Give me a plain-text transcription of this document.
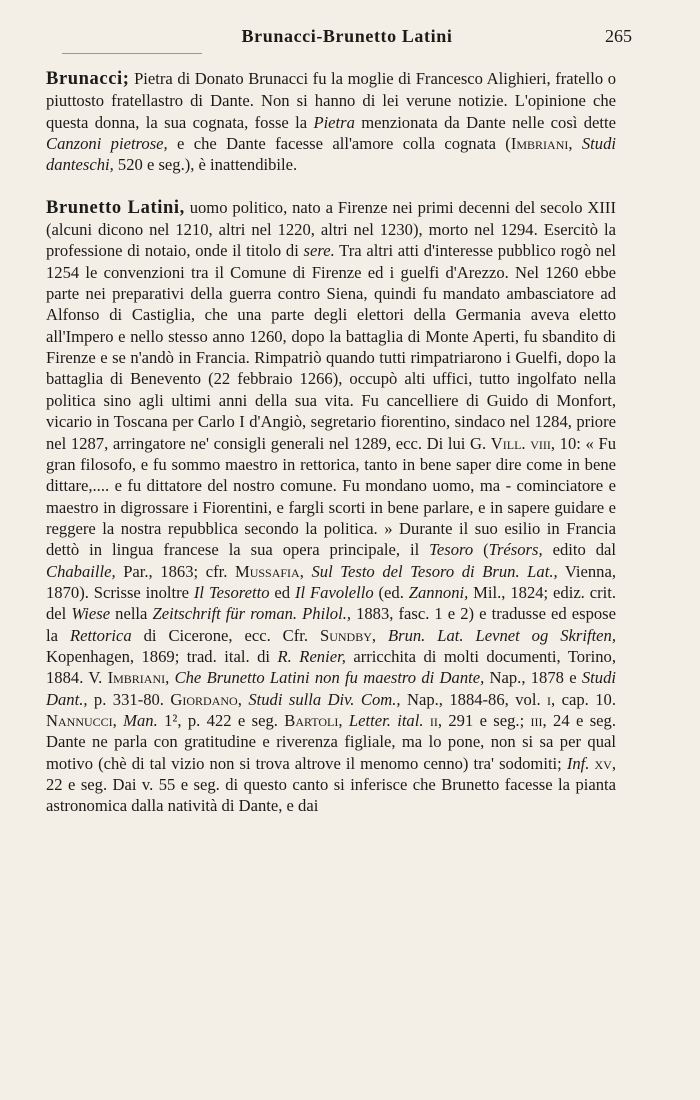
Brunacci-Brunetto Latini	265

Brunacci; Pietra di Donato Brunacci fu la moglie di Francesco Alighieri, fratello o piuttosto fratellastro di Dante. Non si hanno di lei verune notizie. L'opinione che questa donna, la sua cognata, fosse la Pietra menzionata da Dante nelle così dette Canzoni pietrose, e che Dante facesse all'amore colla cognata (Imbriani, Studi danteschi, 520 e seg.), è inattendibile.

Brunetto Latini, uomo politico, nato a Firenze nei primi decenni del secolo XIII (alcuni dicono nel 1210, altri nel 1220, altri nel 1230), morto nel 1294. Esercitò la professione di notaio, onde il titolo di sere. Tra altri atti d'interesse pubblico rogò nel 1254 le convenzioni tra il Comune di Firenze ed i guelfi d'Arezzo. Nel 1260 ebbe parte nei preparativi della guerra contro Siena, quindi fu mandato ambasciatore ad Alfonso di Castiglia, che una parte degli elettori della Germania aveva eletto all'Impero e nello stesso anno 1260, dopo la battaglia di Monte Aperti, fu sbandito di Firenze e se n'andò in Francia. Rimpatriò quando tutti rimpatriarono i Guelfi, dopo la battaglia di Benevento (22 febbraio 1266), occupò alti uffici, tutto ingolfato nella politica sino agli ultimi anni della sua vita. Fu cancelliere di Guido di Monfort, vicario in Toscana per Carlo I d'Angiò, segretario fiorentino, sindaco nel 1284, priore nel 1287, arringatore ne' consigli generali nel 1289, ecc. Di lui G. Vill. viii, 10: « Fu gran filosofo, e fu sommo maestro in rettorica, tanto in bene saper dire come in bene dittare,.... e fu dittatore del nostro comune. Fu mondano uomo, ma - cominciatore e maestro in digrossare i Fiorentini, e fargli scorti in bene parlare, e in sapere guidare e reggere la nostra repubblica secondo la politica. » Durante il suo esilio in Francia dettò in lingua francese la sua opera principale, il Tesoro (Trésors, edito dal Chabaille, Par., 1863; cfr. Mussafia, Sul Testo del Tesoro di Brun. Lat., Vienna, 1870). Scrisse inoltre Il Tesoretto ed Il Favolello (ed. Zannoni, Mil., 1824; ediz. crit. del Wiese nella Zeitschrift für roman. Philol., 1883, fasc. 1 e 2) e tradusse ed espose la Rettorica di Cicerone, ecc. Cfr. Sundby, Brun. Lat. Levnet og Skriften, Kopenhagen, 1869; trad. ital. di R. Renier, arricchita di molti documenti, Torino, 1884. V. Imbriani, Che Brunetto Latini non fu maestro di Dante, Nap., 1878 e Studi Dant., p. 331-80. Giordano, Studi sulla Div. Com., Nap., 1884-86, vol. i, cap. 10. Nannucci, Man. 1², p. 422 e seg. Bartoli, Letter. ital. ii, 291 e seg.; iii, 24 e seg. Dante ne parla con gratitudine e riverenza figliale, ma lo pone, non si sa per qual motivo (chè di tal vizio non si trova altrove il menomo cenno) tra' sodomiti; Inf. xv, 22 e seg. Dai v. 55 e seg. di questo canto si inferisce che Brunetto facesse la pianta astronomica dalla natività di Dante, e dai
